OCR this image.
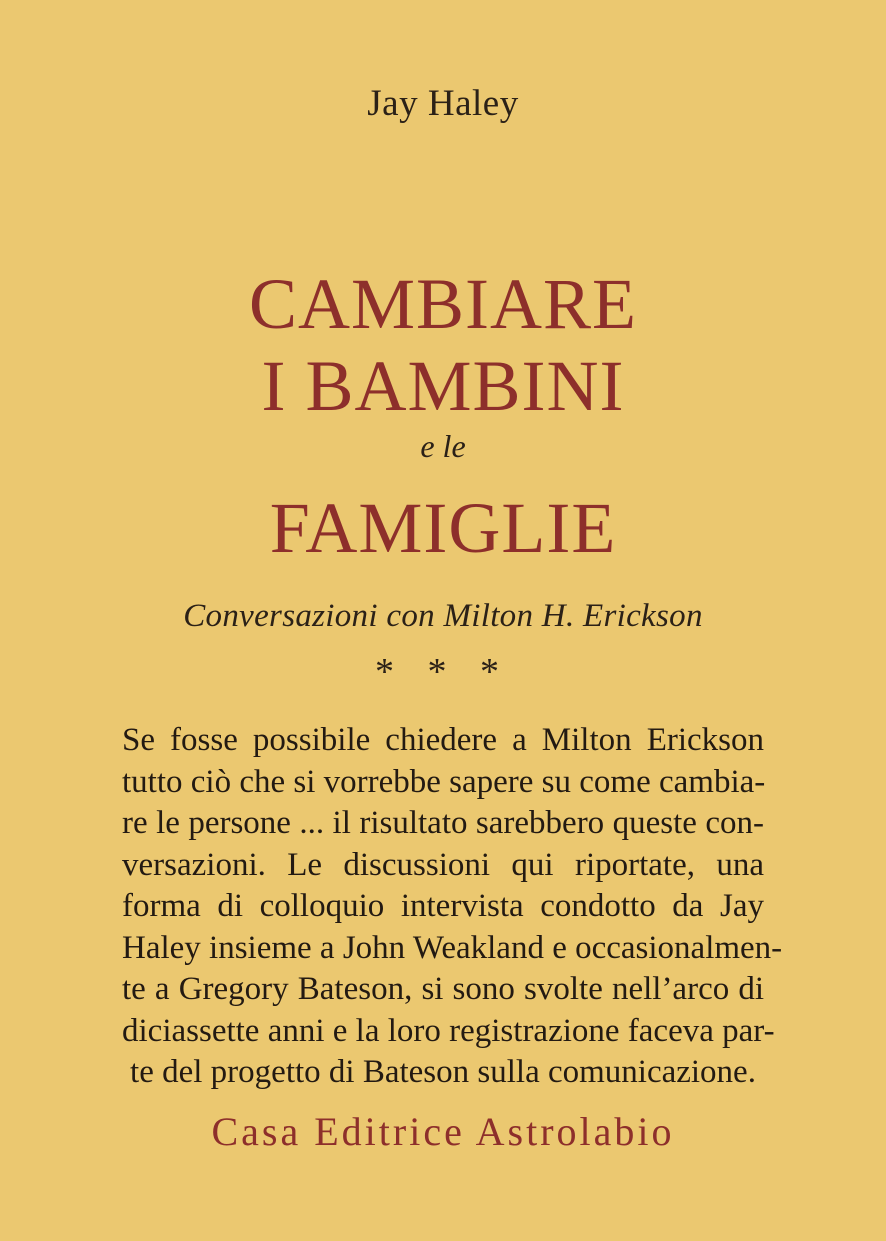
Jay Haley
CAMBIARE
I BAMBINI
e le
FAMIGLIE
Conversazioni con Milton H. Erickson
* * *
Se fosse possibile chiedere a Milton Erickson
tutto ciò che si vorrebbe sapere su come cambia-
re le persone ... il risultato sarebbero queste con-
versazioni. Le discussioni qui riportate, una
forma di colloquio intervista condotto da Jay
Haley insieme a John Weakland e occasionalmen-
te a Gregory Bateson, si sono svolte nell’arco di
diciassette anni e la loro registrazione faceva par-
te del progetto di Bateson sulla comunicazione.
Casa Editrice Astrolabio
